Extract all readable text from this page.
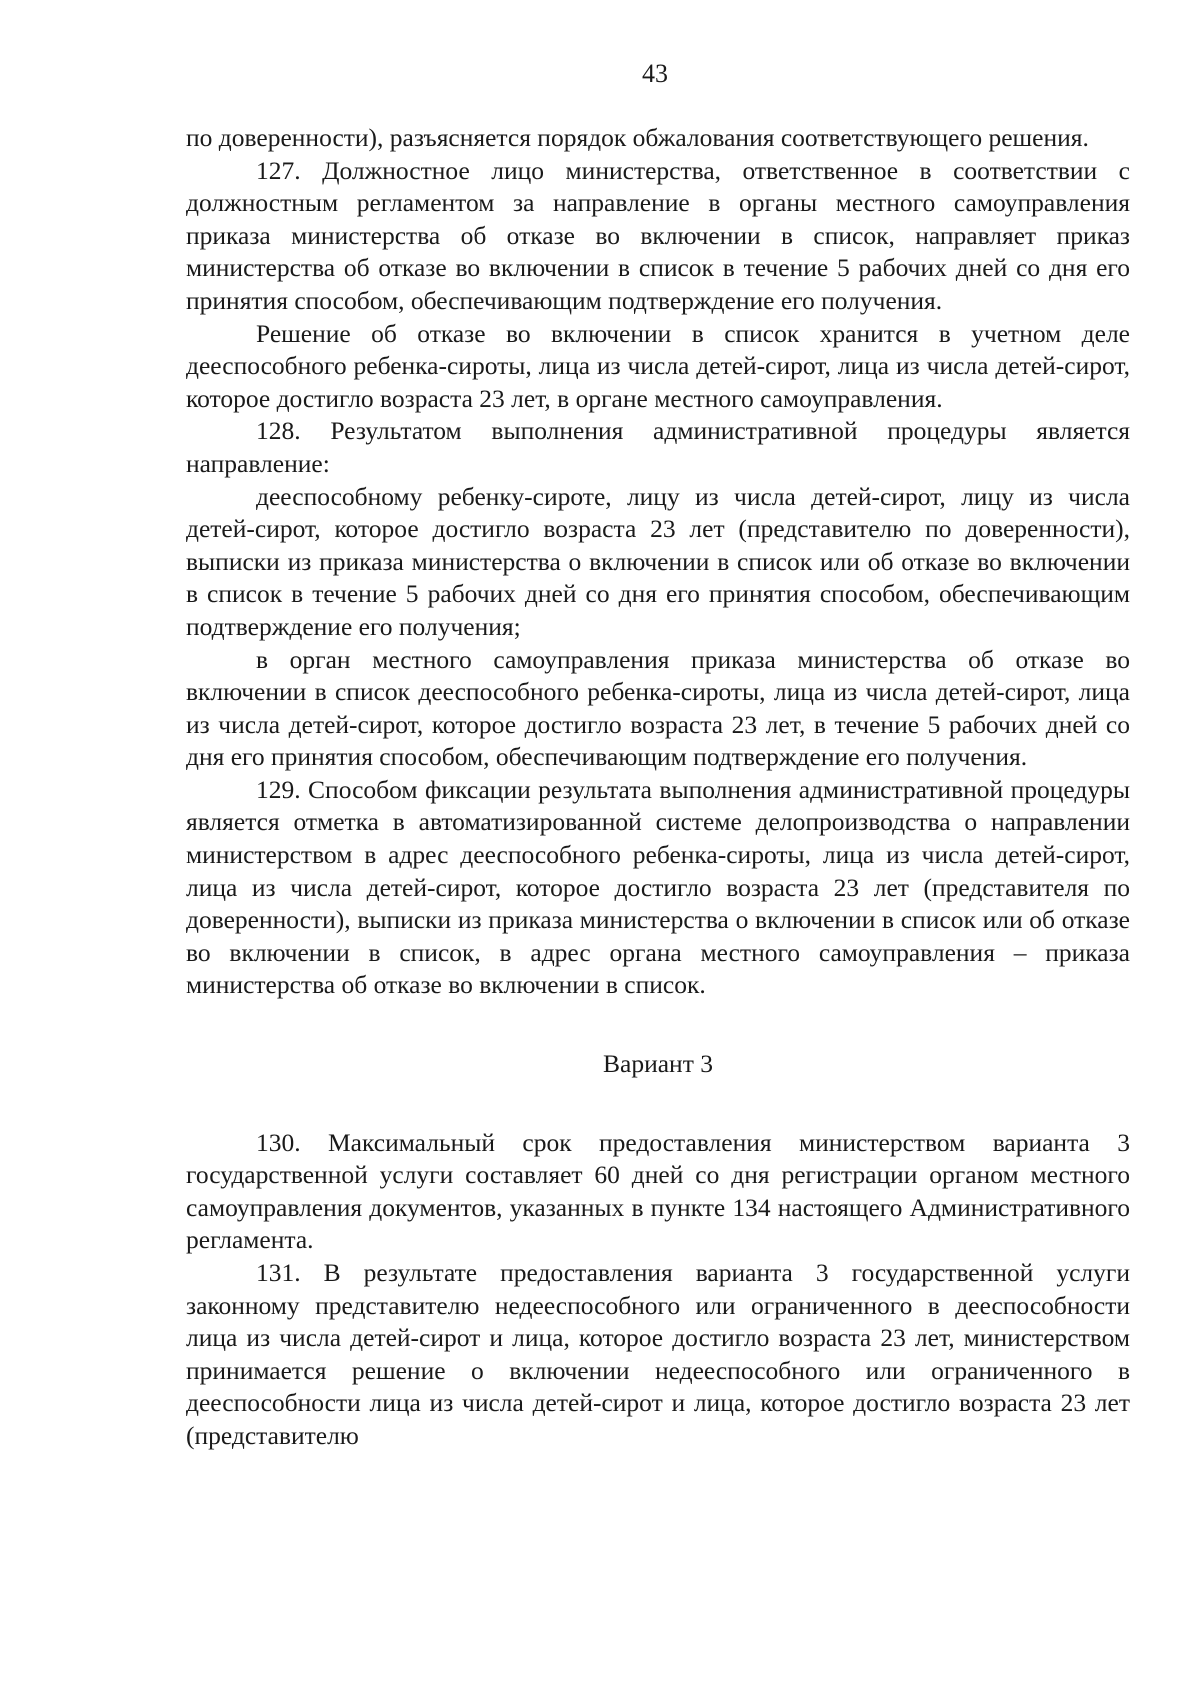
43

по доверенности), разъясняется порядок обжалования соответствующего решения.

127. Должностное лицо министерства, ответственное в соответствии с должностным регламентом за направление в органы местного самоуправления приказа министерства об отказе во включении в список, направляет приказ министерства об отказе во включении в список в течение 5 рабочих дней со дня его принятия способом, обеспечивающим подтверждение его получения.

Решение об отказе во включении в список хранится в учетном деле дееспособного ребенка-сироты, лица из числа детей-сирот, лица из числа детей-сирот, которое достигло возраста 23 лет, в органе местного самоуправления.

128. Результатом выполнения административной процедуры является направление:

дееспособному ребенку-сироте, лицу из числа детей-сирот, лицу из числа детей-сирот, которое достигло возраста 23 лет (представителю по доверенности), выписки из приказа министерства о включении в список или об отказе во включении в список в течение 5 рабочих дней со дня его принятия способом, обеспечивающим подтверждение его получения;

в орган местного самоуправления приказа министерства об отказе во включении в список дееспособного ребенка-сироты, лица из числа детей-сирот, лица из числа детей-сирот, которое достигло возраста 23 лет, в течение 5 рабочих дней со дня его принятия способом, обеспечивающим подтверждение его получения.

129. Способом фиксации результата выполнения административной процедуры является отметка в автоматизированной системе делопроизводства о направлении министерством в адрес дееспособного ребенка-сироты, лица из числа детей-сирот, лица из числа детей-сирот, которое достигло возраста 23 лет (представителя по доверенности), выписки из приказа министерства о включении в список или об отказе во включении в список, в адрес органа местного самоуправления – приказа министерства об отказе во включении в список.

Вариант 3

130. Максимальный срок предоставления министерством варианта 3 государственной услуги составляет 60 дней со дня регистрации органом местного самоуправления документов, указанных в пункте 134 настоящего Административного регламента.

131. В результате предоставления варианта 3 государственной услуги законному представителю недееспособного или ограниченного в дееспособности лица из числа детей-сирот и лица, которое достигло возраста 23 лет, министерством принимается решение о включении недееспособного или ограниченного в дееспособности лица из числа детей-сирот и лица, которое достигло возраста 23 лет (представителю
